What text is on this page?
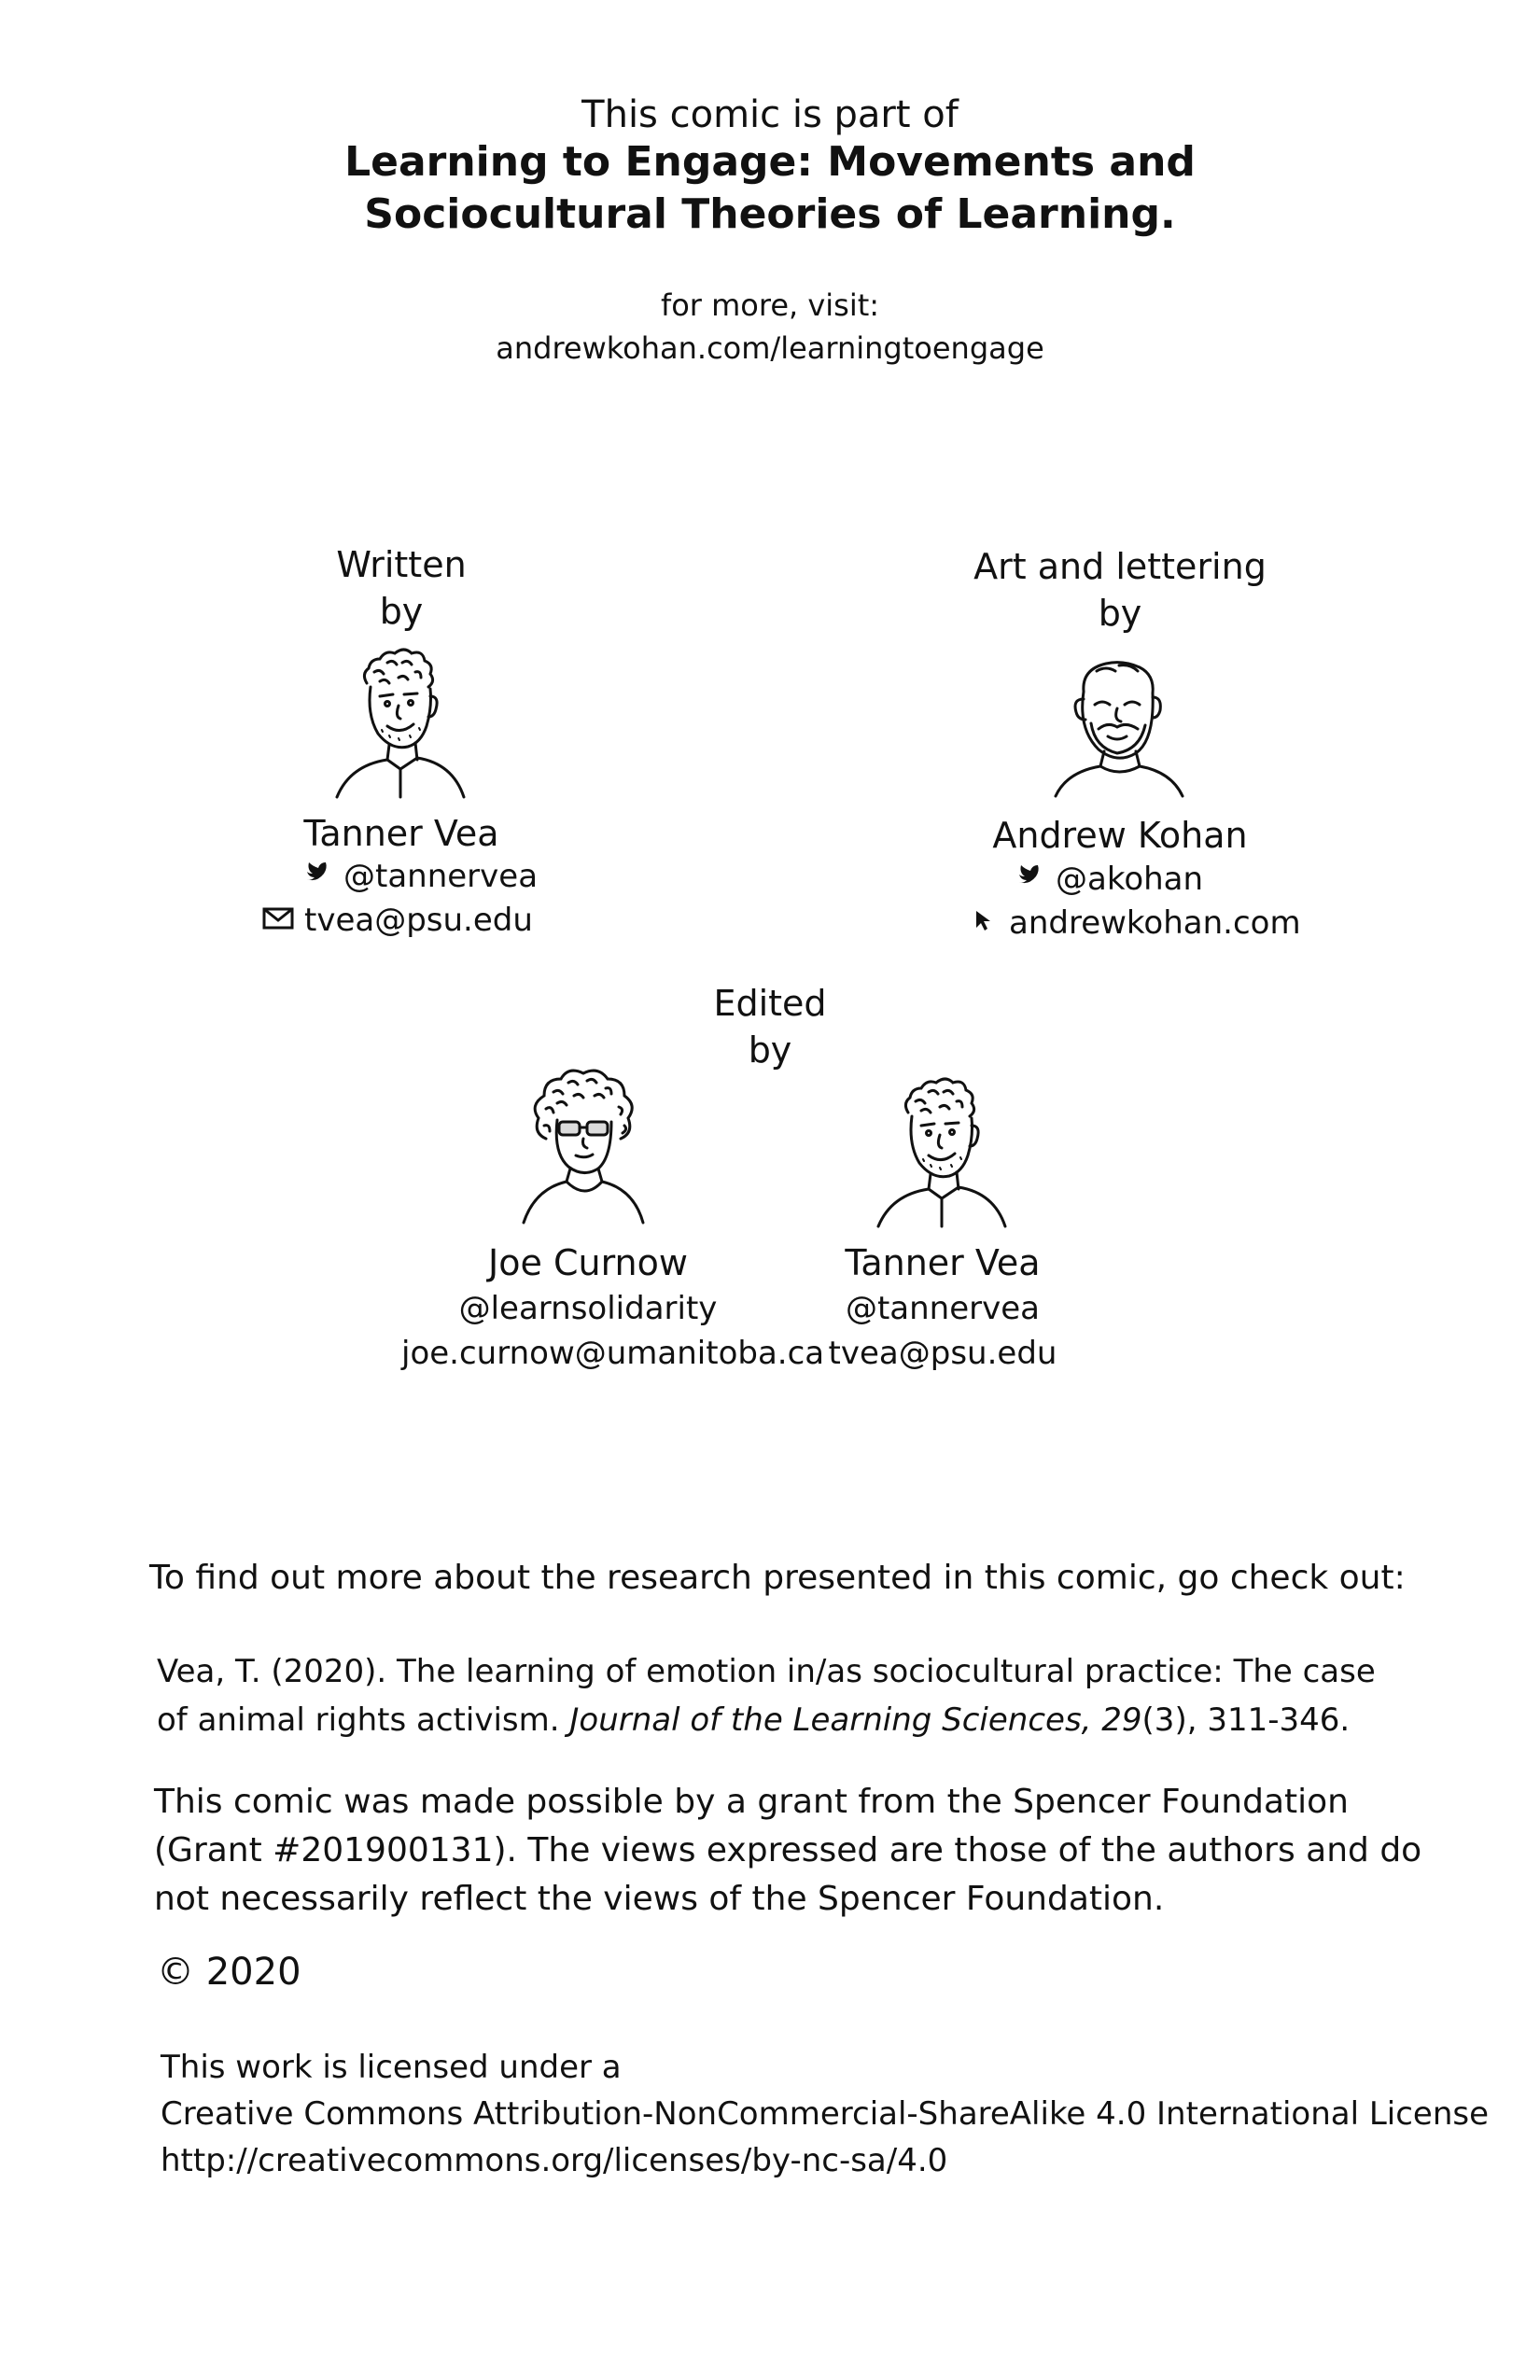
This comic is part of
Learning to Engage: Movements and
Sociocultural Theories of Learning.
for more, visit:
andrewkohan.com/learningtoengage
Written
by
Tanner Vea
@tannervea
tvea@psu.edu
Art and lettering
by
Andrew Kohan
@akohan
andrewkohan.com
Edited
by
Joe Curnow
@learnsolidarity
joe.curnow@umanitoba.ca
Tanner Vea
@tannervea
tvea@psu.edu
To find out more about the research presented in this comic, go check out:
Vea, T. (2020). The learning of emotion in/as sociocultural practice: The case of animal rights activism. Journal of the Learning Sciences, 29(3), 311-346.
This comic was made possible by a grant from the Spencer Foundation (Grant #201900131). The views expressed are those of the authors and do not necessarily reflect the views of the Spencer Foundation.
© 2020
This work is licensed under a
Creative Commons Attribution-NonCommercial-ShareAlike 4.0 International License
http://creativecommons.org/licenses/by-nc-sa/4.0
